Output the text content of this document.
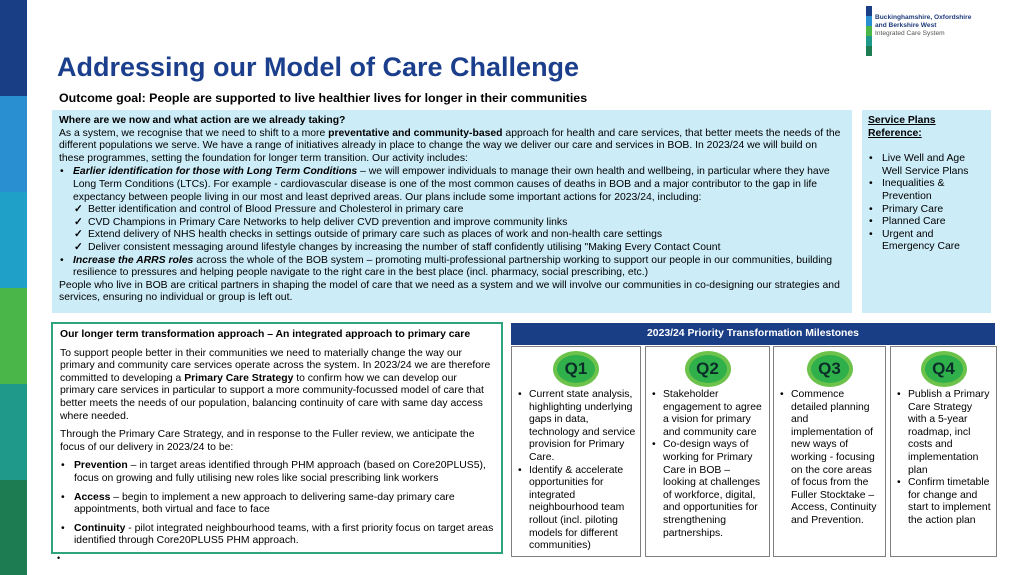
Buckinghamshire, Oxfordshire
and Berkshire West
Integrated Care System
Addressing our Model of Care Challenge
Outcome goal: People are supported to live healthier lives for longer in their communities

Where are we now and what action are we already taking?

As a system, we recognise that we need to shift to a more preventative and community-based approach for health and care services, that better meets the needs of the different populations we serve. We have a range of initiatives already in place to change the way we deliver our care and services in BOB. In 2023/24 we will build on these programmes, setting the foundation for longer term transition. Our activity includes:

• Earlier identification for those with Long Term Conditions – we will empower individuals to manage their own health and wellbeing, in particular where they have Long Term Conditions (LTCs). For example - cardiovascular disease is one of the most common causes of deaths in BOB and a major contributor to the gap in life expectancy between people living in our most and least deprived areas. Our plans include some important actions for 2023/24, including:
✓ Better identification and control of Blood Pressure and Cholesterol in primary care
✓ CVD Champions in Primary Care Networks to help deliver CVD prevention and improve community links
✓ Extend delivery of NHS health checks in settings outside of primary care such as places of work and non-health care settings
✓ Deliver consistent messaging around lifestyle changes by increasing the number of staff confidently utilising "Making Every Contact Count
• Increase the ARRS roles across the whole of the BOB system – promoting multi-professional partnership working to support our people in our communities, building resilience to pressures and helping people navigate to the right care in the best place (incl. pharmacy, social prescribing, etc.)

People who live in BOB are critical partners in shaping the model of care that we need as a system and we will involve our communities in co-designing our strategies and services, ensuring no individual or group is left out.

Service Plans
Reference:
• Live Well and Age Well Service Plans
• Inequalities & Prevention
• Primary Care
• Planned Care
• Urgent and Emergency Care

Our longer term transformation approach – An integrated approach to primary care

To support people better in their communities we need to materially change the way our primary and community care services operate across the system. In 2023/24 we are therefore committed to developing a Primary Care Strategy to confirm how we can develop our primary care services in particular to support a more community-focussed model of care that better meets the needs of our population, balancing continuity of care with same day access where needed.

Through the Primary Care Strategy, and in response to the Fuller review, we anticipate the focus of our delivery in 2023/24 to be:

• Prevention – in target areas identified through PHM approach (based on Core20PLUS5), focus on growing and fully utilising new roles like social prescribing link workers
• Access – begin to implement a new approach to delivering same-day primary care appointments, both virtual and face to face
• Continuity - pilot integrated neighbourhood teams, with a first priority focus on target areas identified through Core20PLUS5 PHM approach.
•
2023/24 Priority Transformation Milestones
Q1
• Current state analysis, highlighting underlying gaps in data, technology and service provision for Primary Care.
• Identify & accelerate opportunities for integrated neighbourhood team rollout (incl. piloting models for different communities)
Q2
• Stakeholder engagement to agree a vision for primary and community care
• Co-design ways of working for Primary Care in BOB – looking at challenges of workforce, digital, and opportunities for strengthening partnerships.
Q3
• Commence detailed planning and implementation of new ways of working - focusing on the core areas of focus from the Fuller Stocktake – Access, Continuity and Prevention.
Q4
• Publish a Primary Care Strategy with a 5-year roadmap, incl costs and implementation plan
• Confirm timetable for change and start to implement the action plan
